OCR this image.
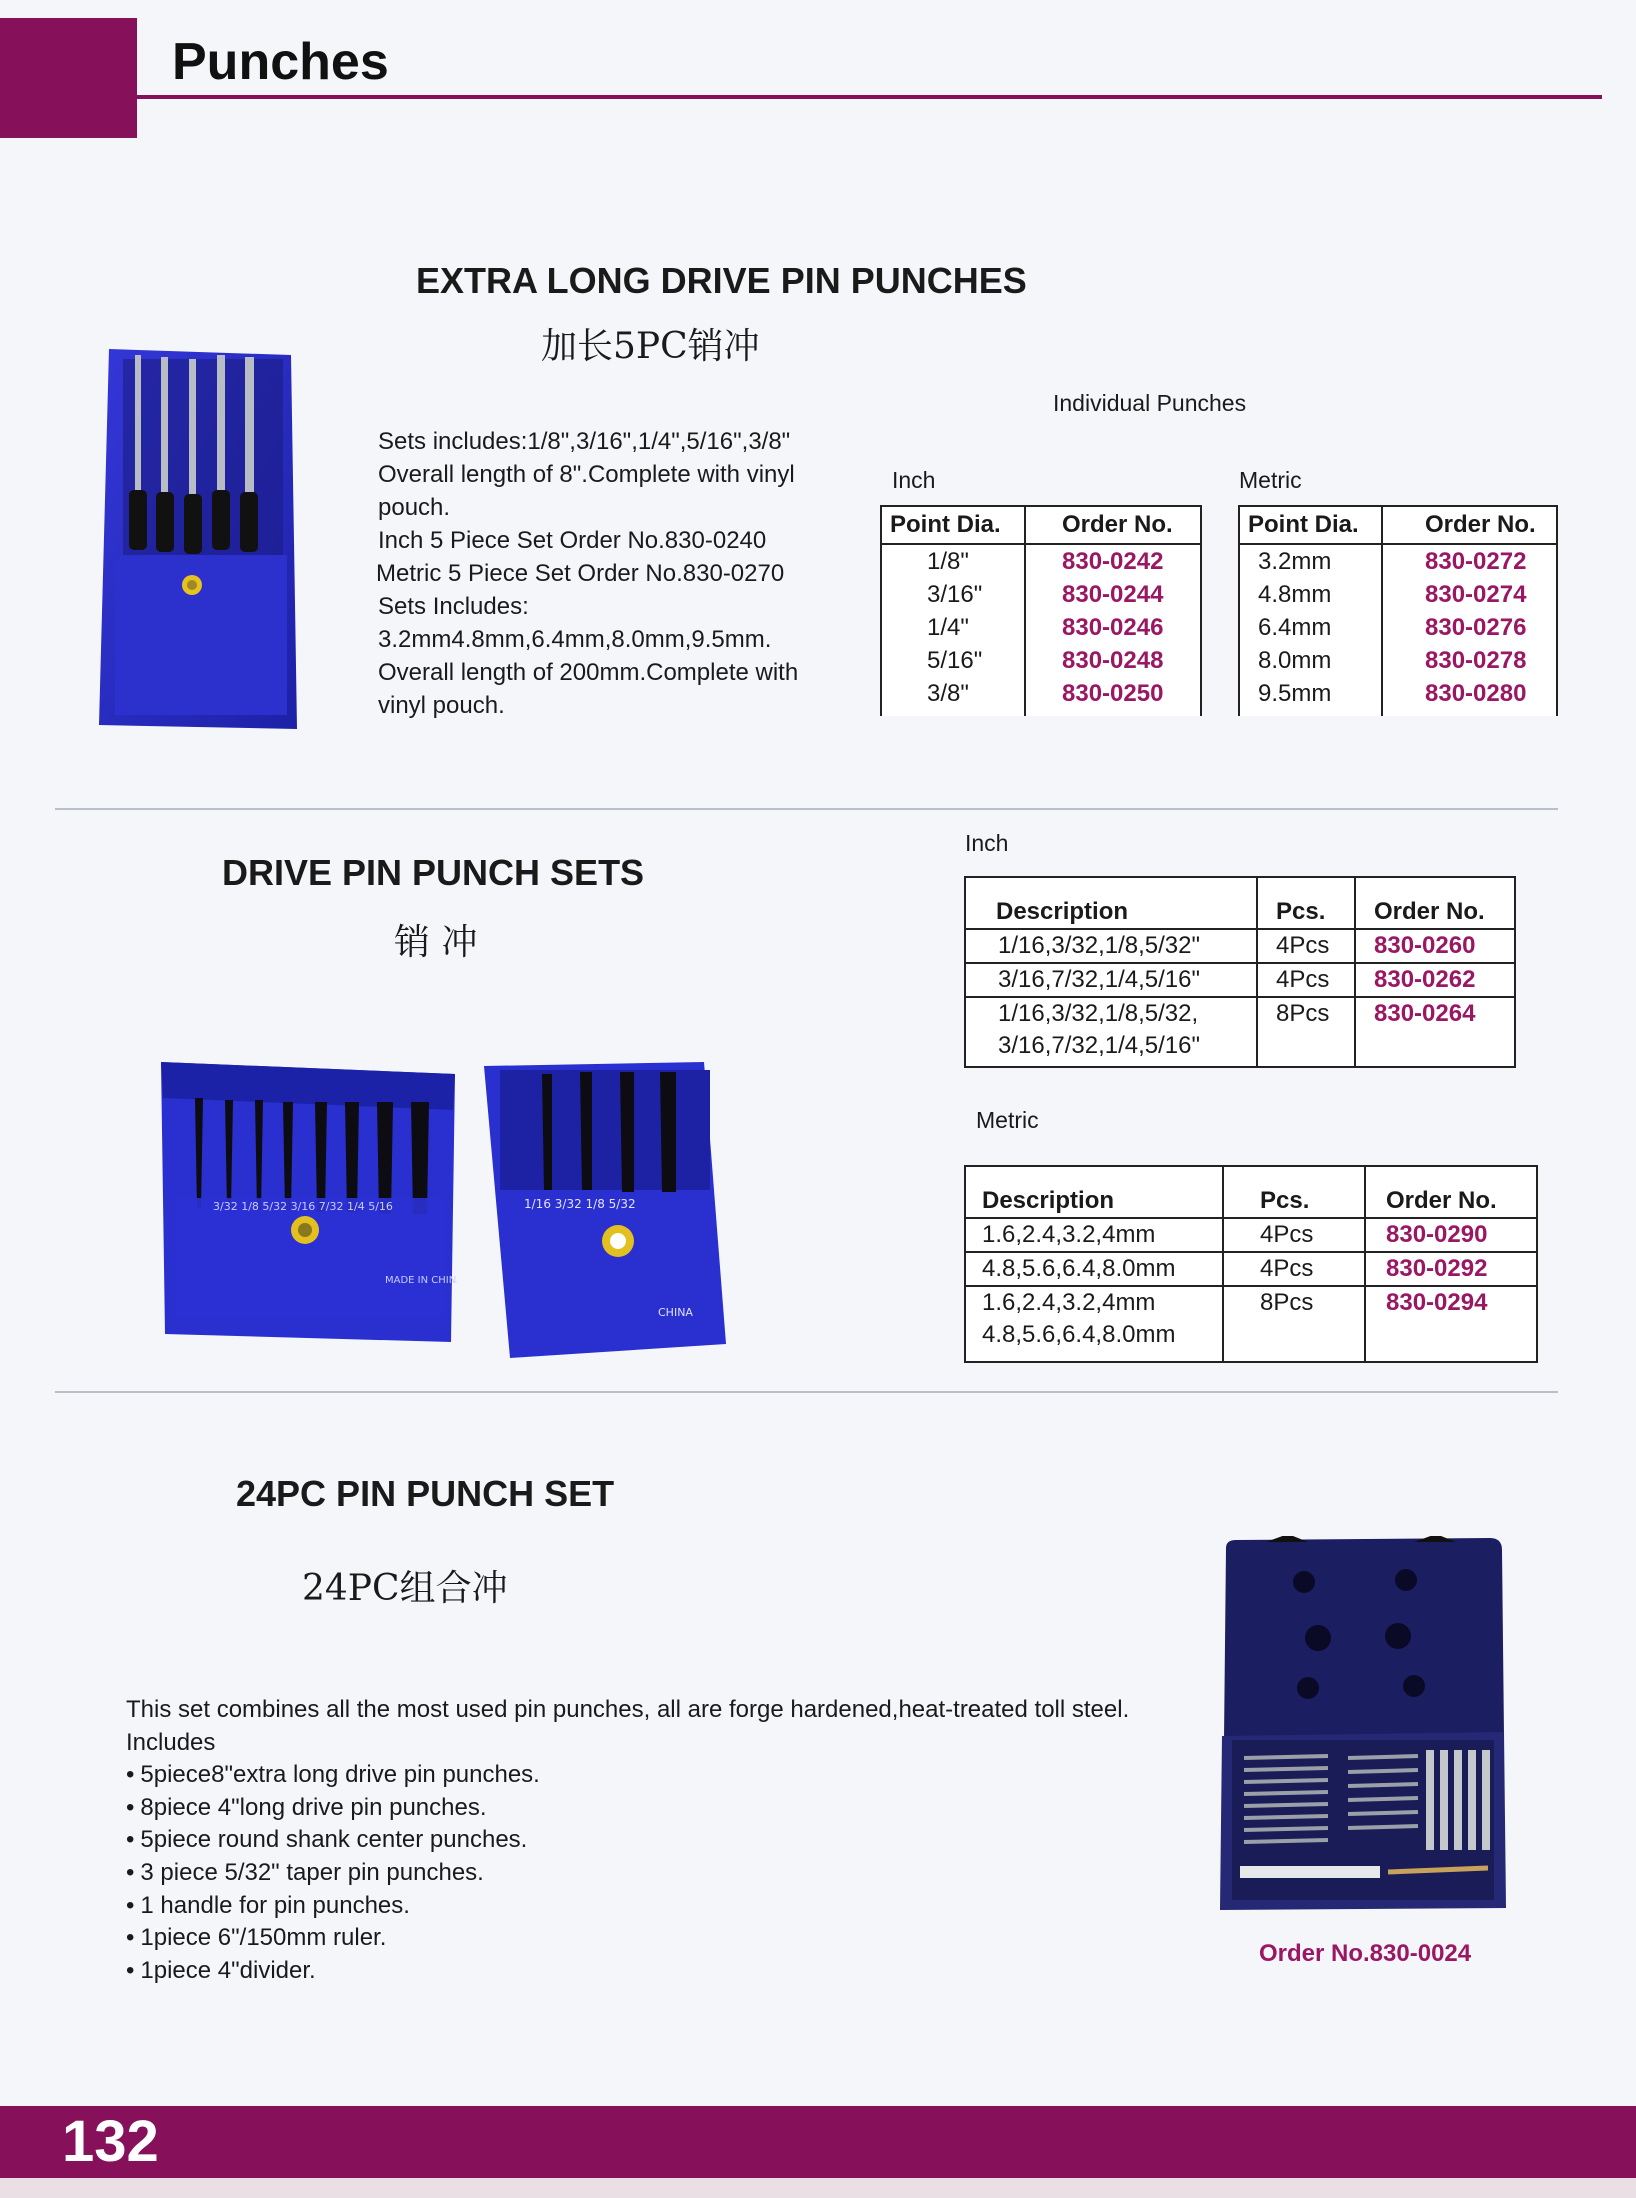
Punches
EXTRA LONG DRIVE PIN PUNCHES

加长5PC销冲

Sets includes:1/8",3/16",1/4",5/16",3/8"

Overall length of 8".Complete with vinyl

pouch.

Inch 5 Piece Set Order No.830-0240

Metric 5 Piece Set Order No.830-0270

Sets Includes:

3.2mm4.8mm,6.4mm,8.0mm,9.5mm.

Overall length of 200mm.Complete with

vinyl pouch.

Individual Punches

Inch	Metric

Point Dia.	Order No.
1/8"	830-0242
3/16"	830-0244
1/4"	830-0246
5/16"	830-0248
3/8"	830-0250
Point Dia.	Order No.
3.2mm	830-0272
4.8mm	830-0274
6.4mm	830-0276
8.0mm	830-0278
9.5mm	830-0280
DRIVE PIN PUNCH SETS

销 冲

3/32 1/8 5/32 3/16 7/32 1/4 5/16
MADE IN CHINA
1/16 3/32 1/8 5/32
CHINA

Inch

Metric

Description	Pcs.	Order No.
1/16,3/32,1/8,5/32"	4Pcs	830-0260
3/16,7/32,1/4,5/16"	4Pcs	830-0262
1/16,3/32,1/8,5/32,	8Pcs	830-0264
3/16,7/32,1/4,5/16"		
Description	Pcs.	Order No.
1.6,2.4,3.2,4mm	4Pcs	830-0290
4.8,5.6,6.4,8.0mm	4Pcs	830-0292
1.6,2.4,3.2,4mm	8Pcs	830-0294
4.8,5.6,6.4,8.0mm		
24PC PIN PUNCH SET

24PC组合冲

This set combines all the most used pin punches, all are forge hardened,heat-treated toll steel.

Includes

• 5piece8"extra long drive pin punches.
• 8piece 4"long drive pin punches.
• 5piece round shank center punches.
• 3 piece 5/32" taper pin punches.
• 1 handle for pin punches.
• 1piece 6"/150mm ruler.
• 1piece 4"divider.

Order No.830-0024

132
